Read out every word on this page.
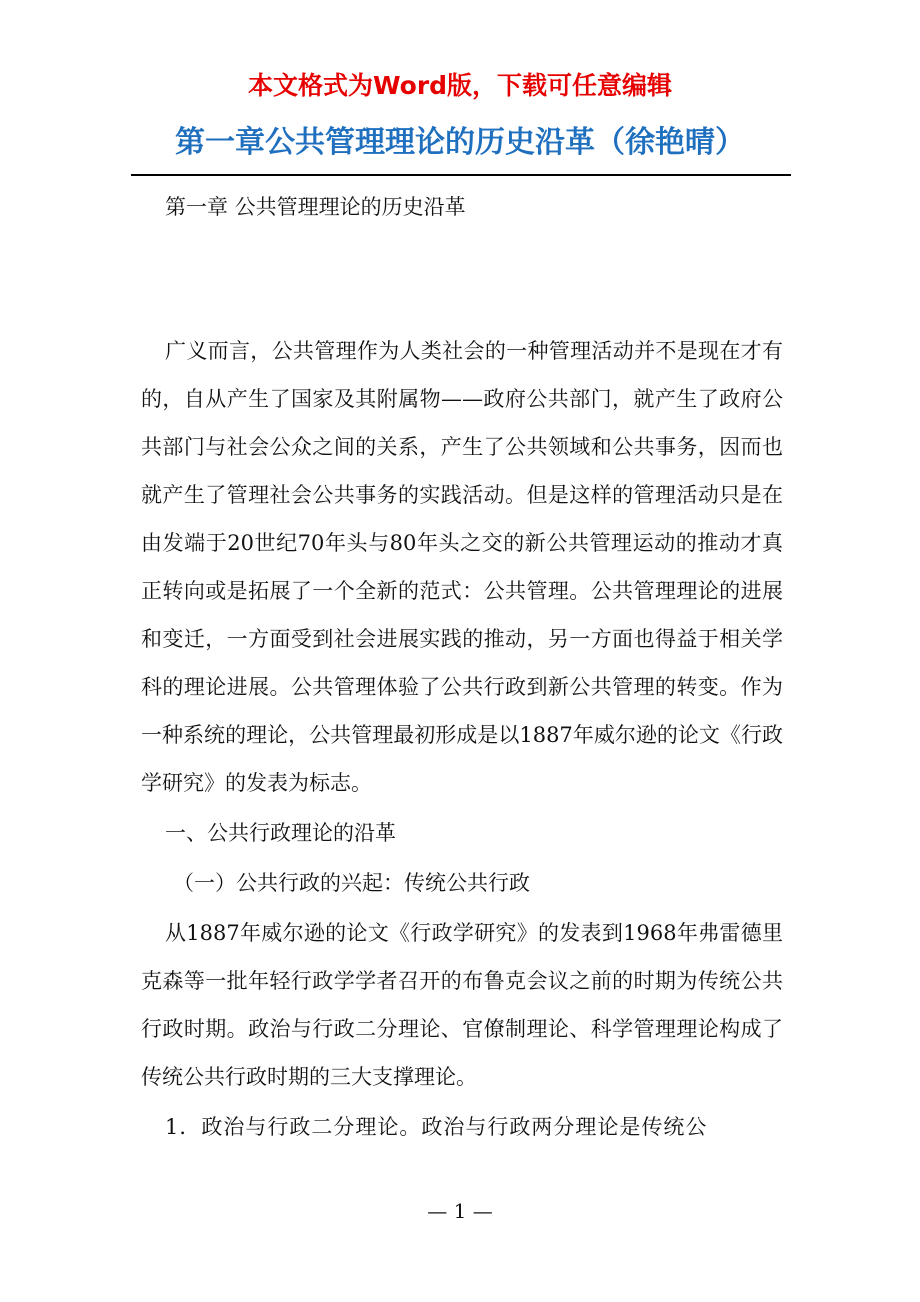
本文格式为Word版，下载可任意编辑
第一章公共管理理论的历史沿革（徐艳晴）

第一章 公共管理理论的历史沿革

广义而言，公共管理作为人类社会的一种管理活动并不是现在才有的，自从产生了国家及其附属物——政府公共部门，就产生了政府公共部门与社会公众之间的关系，产生了公共领域和公共事务，因而也就产生了管理社会公共事务的实践活动。但是这样的管理活动只是在由发端于20世纪70年头与80年头之交的新公共管理运动的推动才真正转向或是拓展了一个全新的范式：公共管理。公共管理理论的进展和变迁，一方面受到社会进展实践的推动，另一方面也得益于相关学科的理论进展。公共管理体验了公共行政到新公共管理的转变。作为一种系统的理论，公共管理最初形成是以1887年威尔逊的论文《行政学研究》的发表为标志。

一、公共行政理论的沿革

（一）公共行政的兴起：传统公共行政

从1887年威尔逊的论文《行政学研究》的发表到1968年弗雷德里克森等一批年轻行政学学者召开的布鲁克会议之前的时期为传统公共行政时期。政治与行政二分理论、官僚制理论、科学管理理论构成了传统公共行政时期的三大支撑理论。

1．政治与行政二分理论。政治与行政两分理论是传统公

— 1 —
